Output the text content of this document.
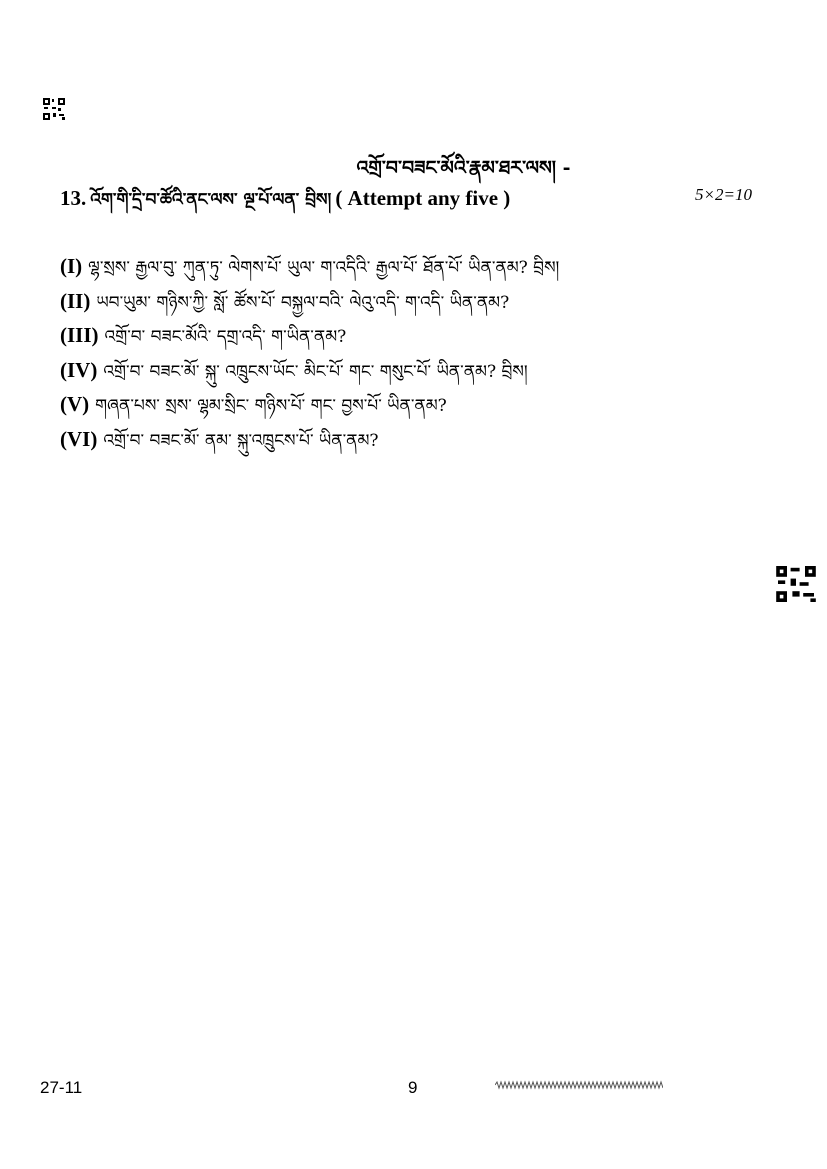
འགྲོ་བ་བཟང་མོའི་རྣམ་ཐར་ལས། -
13. འོག་གི་དྲི་བ་ཚོའི་ནང་ལས་ ལྔ་པོ་ལན་ བྲིས། ( Attempt any five )	5×2=10
(I) ལྷ་སྲས་ རྒྱལ་བུ་ ཀུན་ཏུ་ ལེགས་པོ་ ཡུལ་ ག་འདིའི་ རྒྱལ་པོ་ ཐོན་པོ་ ཡིན་ནམ? བྲིས།
(II) ཡབ་ཡུམ་ གཉིས་ཀྱི་ སློ་ ཚོས་པོ་ བསྐྱལ་བའི་ ལེའུ་འདི་ ག་འདི་ ཡིན་ནམ?
(III) འགྲོ་བ་ བཟང་མོའི་ དགྲ་འདི་ ག་ཡིན་ནམ?
(IV) འགྲོ་བ་ བཟང་མོ་ སྐུ་ འཁྲུངས་ཡོང་ མིང་པོ་ གང་ གསུང་པོ་ ཡིན་ནམ? བྲིས།
(V) གཞན་པས་ སྲས་ ལྷམ་སྲིང་ གཉིས་པོ་ གང་ བྱས་པོ་ ཡིན་ནམ?
(VI) འགྲོ་བ་ བཟང་མོ་ ནམ་ སྐུ་འཁྲུངས་པོ་ ཡིན་ནམ?
27-11	9
